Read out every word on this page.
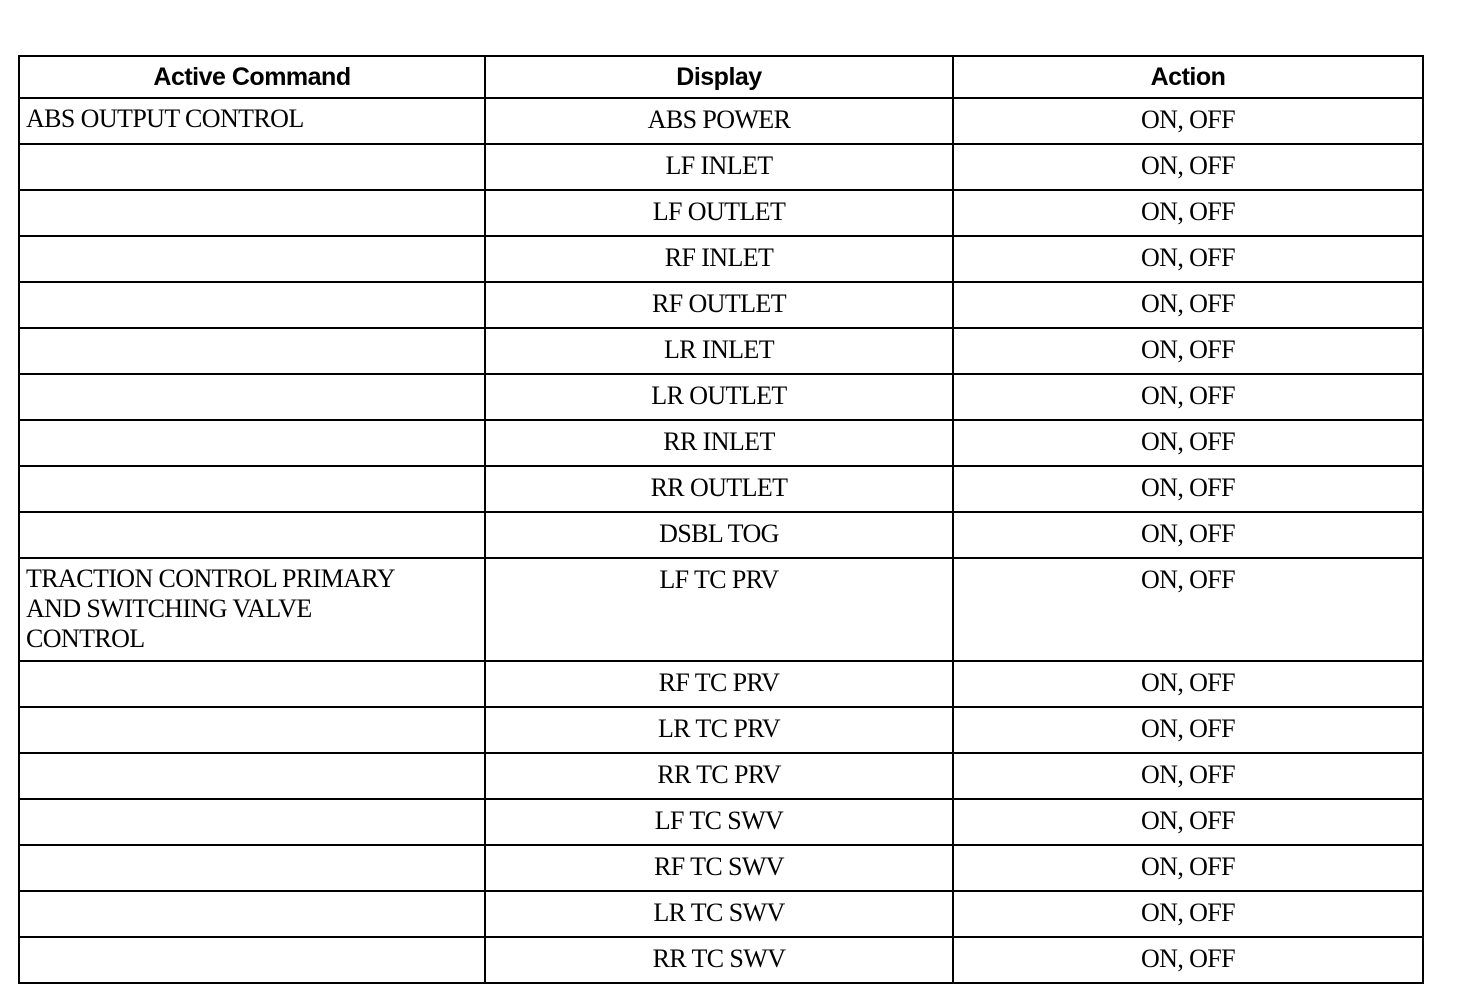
Active Command	Display	Action

ABS OUTPUT CONTROL	ABS POWER	ON, OFF

	LF INLET	ON, OFF

	LF OUTLET	ON, OFF

	RF INLET	ON, OFF

	RF OUTLET	ON, OFF

	LR INLET	ON, OFF

	LR OUTLET	ON, OFF

	RR INLET	ON, OFF

	RR OUTLET	ON, OFF

	DSBL TOG	ON, OFF

TRACTION CONTROL PRIMARY
AND SWITCHING VALVE
CONTROL	LF TC PRV	ON, OFF

	RF TC PRV	ON, OFF

	LR TC PRV	ON, OFF

	RR TC PRV	ON, OFF

	LF TC SWV	ON, OFF

	RF TC SWV	ON, OFF

	LR TC SWV	ON, OFF

	RR TC SWV	ON, OFF
